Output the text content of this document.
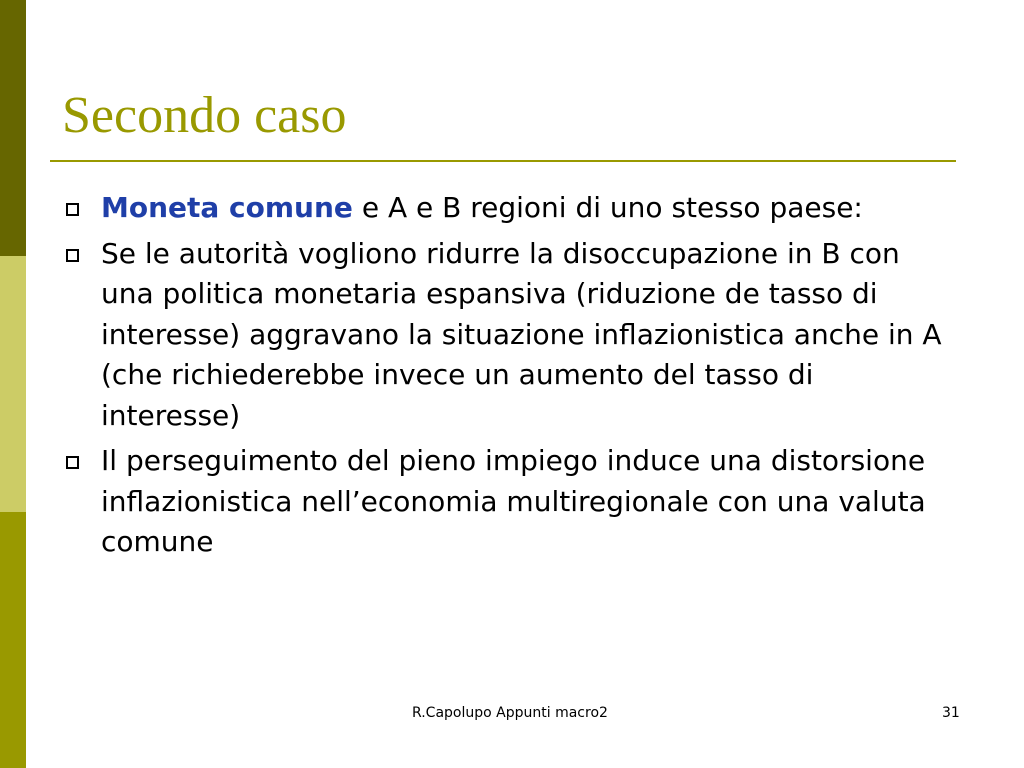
Secondo caso
Moneta comune e A e B regioni di uno stesso paese:
Se le autorità vogliono ridurre la disoccupazione in B con una politica monetaria espansiva (riduzione de tasso di interesse) aggravano la situazione inflazionistica anche in A (che richiederebbe invece un aumento del tasso di interesse)
Il perseguimento del pieno impiego induce una distorsione inflazionistica nell’economia multiregionale con una valuta comune
R.Capolupo Appunti macro2	31
